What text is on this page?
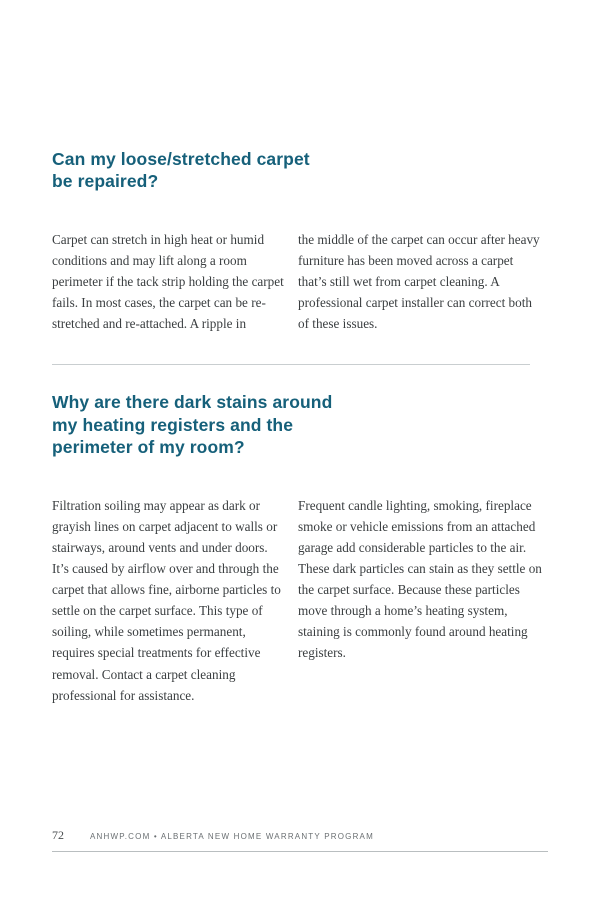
Can my loose/stretched carpet be repaired?

Carpet can stretch in high heat or humid conditions and may lift along a room perimeter if the tack strip holding the carpet fails. In most cases, the carpet can be re-stretched and re-attached. A ripple in

the middle of the carpet can occur after heavy furniture has been moved across a carpet that’s still wet from carpet cleaning. A professional carpet installer can correct both of these issues.

Why are there dark stains around my heating registers and the perimeter of my room?

Filtration soiling may appear as dark or grayish lines on carpet adjacent to walls or stairways, around vents and under doors. It’s caused by airflow over and through the carpet that allows fine, airborne particles to settle on the carpet surface. This type of soiling, while sometimes permanent, requires special treatments for effective removal. Contact a carpet cleaning professional for assistance.

Frequent candle lighting, smoking, fireplace smoke or vehicle emissions from an attached garage add considerable particles to the air. These dark particles can stain as they settle on the carpet surface. Because these particles move through a home’s heating system, staining is commonly found around heating registers.

72	ANHWP.COM • ALBERTA NEW HOME WARRANTY PROGRAM
